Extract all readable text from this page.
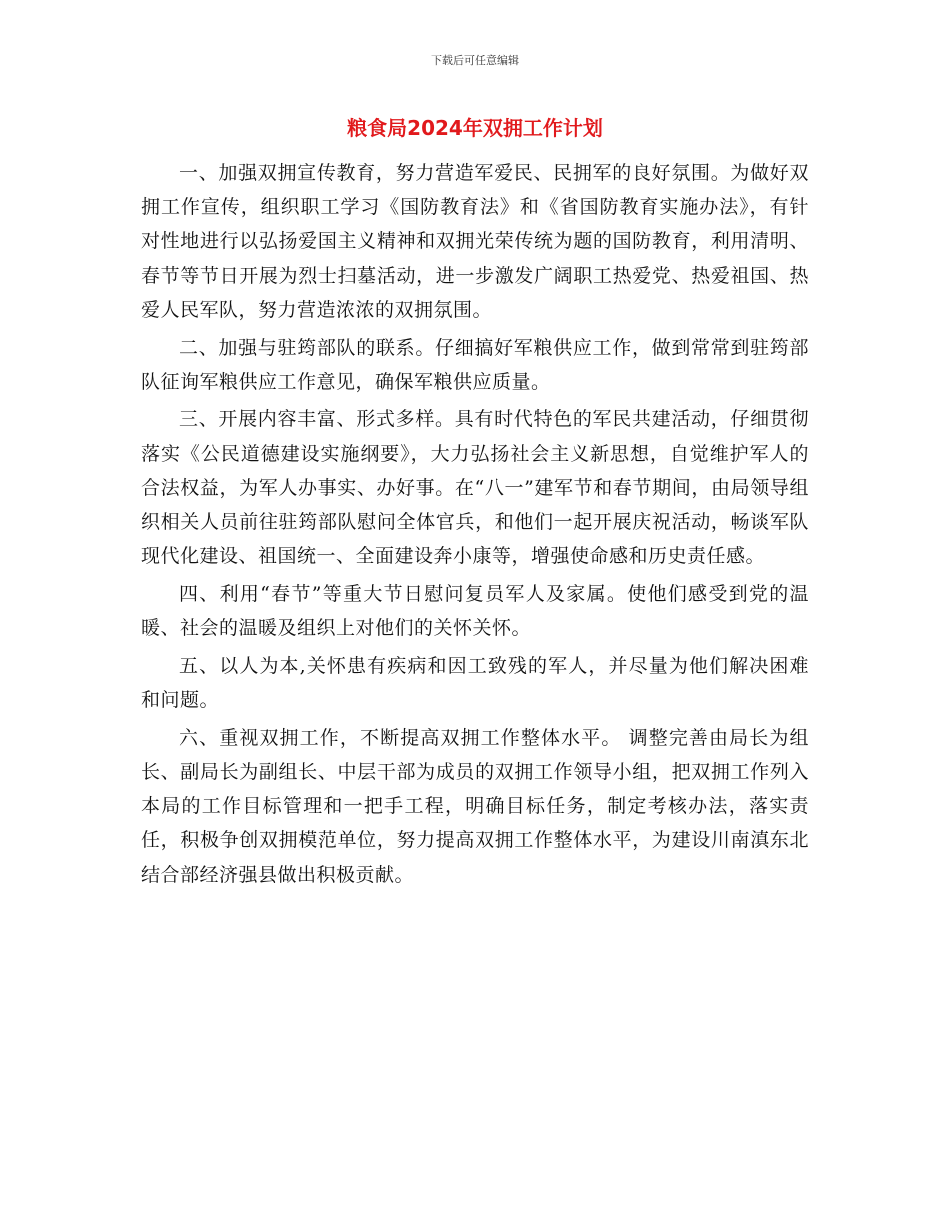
下载后可任意编辑
粮食局2024年双拥工作计划

一、加强双拥宣传教育，努力营造军爱民、民拥军的良好氛围。为做好双拥工作宣传，组织职工学习《国防教育法》和《省国防教育实施办法》，有针对性地进行以弘扬爱国主义精神和双拥光荣传统为题的国防教育，利用清明、春节等节日开展为烈士扫墓活动，进一步激发广阔职工热爱党、热爱祖国、热爱人民军队，努力营造浓浓的双拥氛围。

二、加强与驻筠部队的联系。仔细搞好军粮供应工作，做到常常到驻筠部队征询军粮供应工作意见，确保军粮供应质量。

三、开展内容丰富、形式多样。具有时代特色的军民共建活动，仔细贯彻落实《公民道德建设实施纲要》，大力弘扬社会主义新思想，自觉维护军人的合法权益，为军人办事实、办好事。在“八一”建军节和春节期间，由局领导组织相关人员前往驻筠部队慰问全体官兵，和他们一起开展庆祝活动，畅谈军队现代化建设、祖国统一、全面建设奔小康等，增强使命感和历史责任感。

四、利用“春节”等重大节日慰问复员军人及家属。使他们感受到党的温暖、社会的温暖及组织上对他们的关怀关怀。

五、以人为本,关怀患有疾病和因工致残的军人，并尽量为他们解决困难和问题。

六、重视双拥工作，不断提高双拥工作整体水平。 调整完善由局长为组长、副局长为副组长、中层干部为成员的双拥工作领导小组，把双拥工作列入本局的工作目标管理和一把手工程，明确目标任务，制定考核办法，落实责任，积极争创双拥模范单位，努力提高双拥工作整体水平，为建设川南滇东北结合部经济强县做出积极贡献。
